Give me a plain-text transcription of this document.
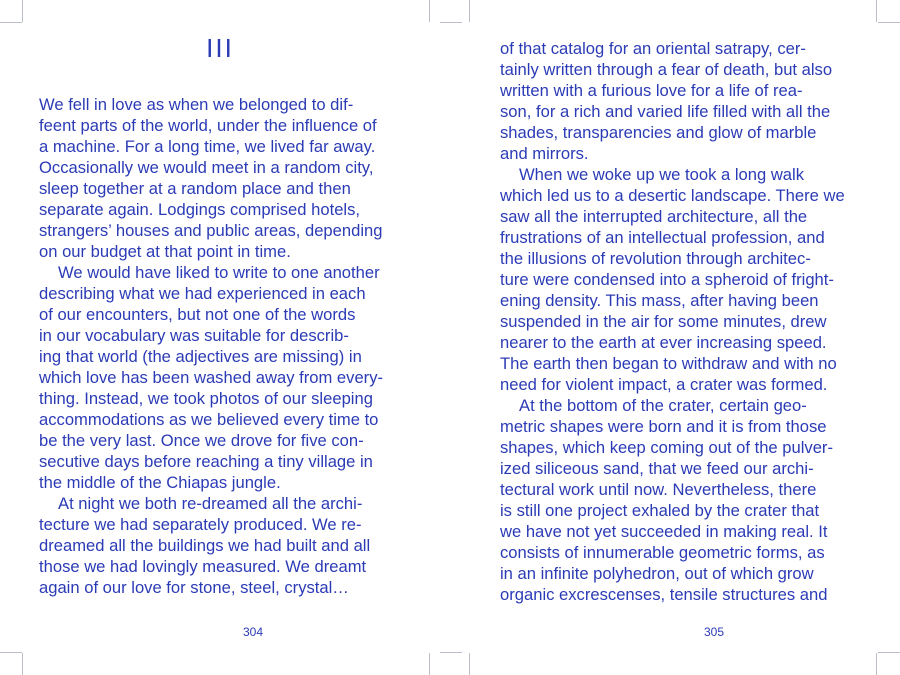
III
We fell in love as when we belonged to dif-
feent parts of the world, under the influence of
a machine. For a long time, we lived far away.
Occasionally we would meet in a random city,
sleep together at a random place and then
separate again. Lodgings comprised hotels,
strangers’ houses and public areas, depending
on our budget at that point in time.
We would have liked to write to one another
describing what we had experienced in each
of our encounters, but not one of the words
in our vocabulary was suitable for describ-
ing that world (the adjectives are missing) in
which love has been washed away from every-
thing. Instead, we took photos of our sleeping
accommodations as we believed every time to
be the very last. Once we drove for five con-
secutive days before reaching a tiny village in
the middle of the Chiapas jungle.
At night we both re-dreamed all the archi-
tecture we had separately produced. We re-
dreamed all the buildings we had built and all
those we had lovingly measured. We dreamt
again of our love for stone, steel, crystal…
304
of that catalog for an oriental satrapy, cer-
tainly written through a fear of death, but also
written with a furious love for a life of rea-
son, for a rich and varied life filled with all the
shades, transparencies and glow of marble
and mirrors.
When we woke up we took a long walk
which led us to a desertic landscape. There we
saw all the interrupted architecture, all the
frustrations of an intellectual profession, and
the illusions of revolution through architec-
ture were condensed into a spheroid of fright-
ening density. This mass, after having been
suspended in the air for some minutes, drew
nearer to the earth at ever increasing speed.
The earth then began to withdraw and with no
need for violent impact, a crater was formed.
At the bottom of the crater, certain geo-
metric shapes were born and it is from those
shapes, which keep coming out of the pulver-
ized siliceous sand, that we feed our archi-
tectural work until now. Nevertheless, there
is still one project exhaled by the crater that
we have not yet succeeded in making real. It
consists of innumerable geometric forms, as
in an infinite polyhedron, out of which grow
organic excrescenses, tensile structures and
305
